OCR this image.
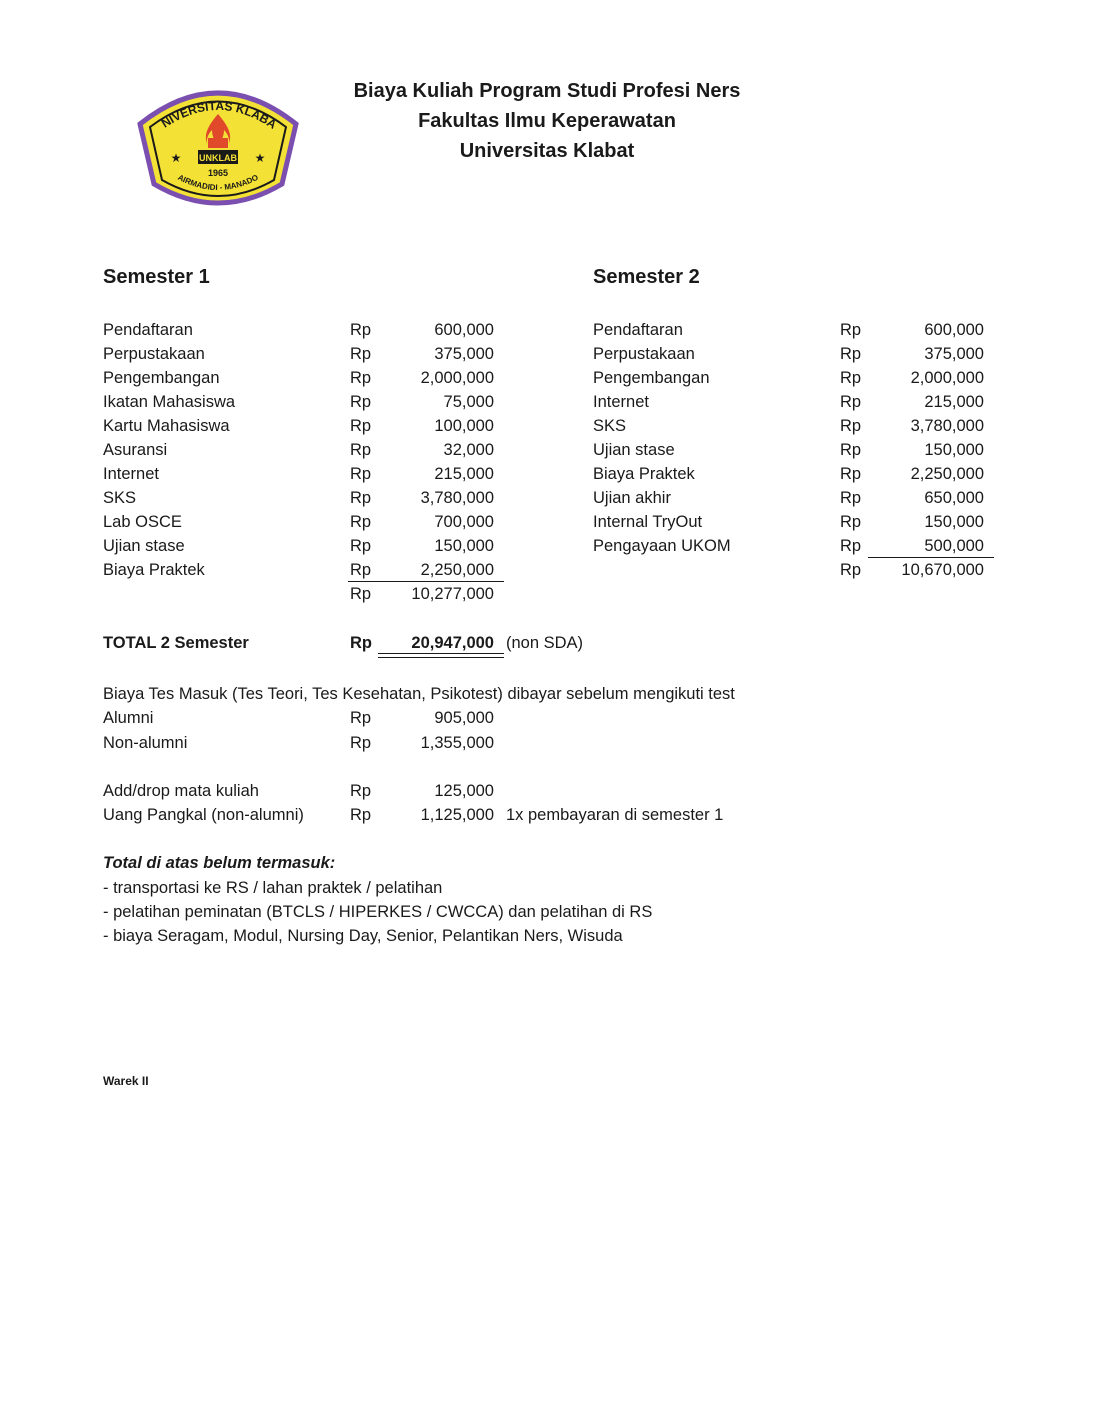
NIVERSITAS KLABA
UNKLAB
1965
★	★
AIRMADIDI - MANADO
Biaya Kuliah Program Studi Profesi Ners
Fakultas Ilmu Keperawatan
Universitas Klabat
Semester 1	Semester 2
Pendaftaran	Rp	600,000
Perpustakaan	Rp	375,000
Pengembangan	Rp	2,000,000
Ikatan Mahasiswa	Rp	75,000
Kartu Mahasiswa	Rp	100,000
Asuransi	Rp	32,000
Internet	Rp	215,000
SKS	Rp	3,780,000
Lab OSCE	Rp	700,000
Ujian stase	Rp	150,000
Biaya Praktek	Rp	2,250,000
Rp 10,277,000
Pendaftaran	Rp	600,000
Perpustakaan	Rp	375,000
Pengembangan	Rp	2,000,000
Internet	Rp	215,000
SKS	Rp	3,780,000
Ujian stase	Rp	150,000
Biaya Praktek	Rp	2,250,000
Ujian akhir	Rp	650,000
Internal TryOut	Rp	150,000
Pengayaan UKOM	Rp	500,000
Rp 10,670,000
TOTAL 2 Semester	Rp	20,947,000 (non SDA)
Biaya Tes Masuk (Tes Teori, Tes Kesehatan, Psikotest) dibayar sebelum mengikuti test
Alumni	Rp	905,000
Non-alumni	Rp	1,355,000
Add/drop mata kuliah	Rp	125,000
Uang Pangkal (non-alumni)	Rp	1,125,000 1x pembayaran di semester 1
Total di atas belum termasuk:
- transportasi ke RS / lahan praktek / pelatihan
- pelatihan peminatan (BTCLS / HIPERKES / CWCCA) dan pelatihan di RS
- biaya Seragam, Modul, Nursing Day, Senior, Pelantikan Ners, Wisuda
Warek II
